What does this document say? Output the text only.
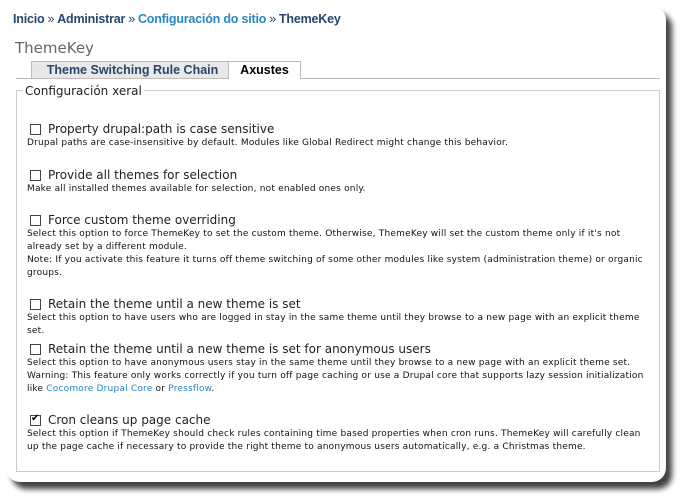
Inicio » Administrar » Configuración do sitio » ThemeKey
ThemeKey
Theme Switching Rule Chain	Axustes
Configuración xeral
Property drupal:path is case sensitive
Drupal paths are case-insensitive by default. Modules like Global Redirect might change this behavior.
Provide all themes for selection
Make all installed themes available for selection, not enabled ones only.
Force custom theme overriding
Select this option to force ThemeKey to set the custom theme. Otherwise, ThemeKey will set the custom theme only if it's not already set by a different module.
Note: If you activate this feature it turns off theme switching of some other modules like system (administration theme) or organic groups.
Retain the theme until a new theme is set
Select this option to have users who are logged in stay in the same theme until they browse to a new page with an explicit theme set.
Retain the theme until a new theme is set for anonymous users
Select this option to have anonymous users stay in the same theme until they browse to a new page with an explicit theme set.
Warning: This feature only works correctly if you turn off page caching or use a Drupal core that supports lazy session initialization like Cocomore Drupal Core or Pressflow.
✔
Cron cleans up page cache
Select this option if ThemeKey should check rules containing time based properties when cron runs. ThemeKey will carefully clean up the page cache if necessary to provide the right theme to anonymous users automatically, e.g. a Christmas theme.
